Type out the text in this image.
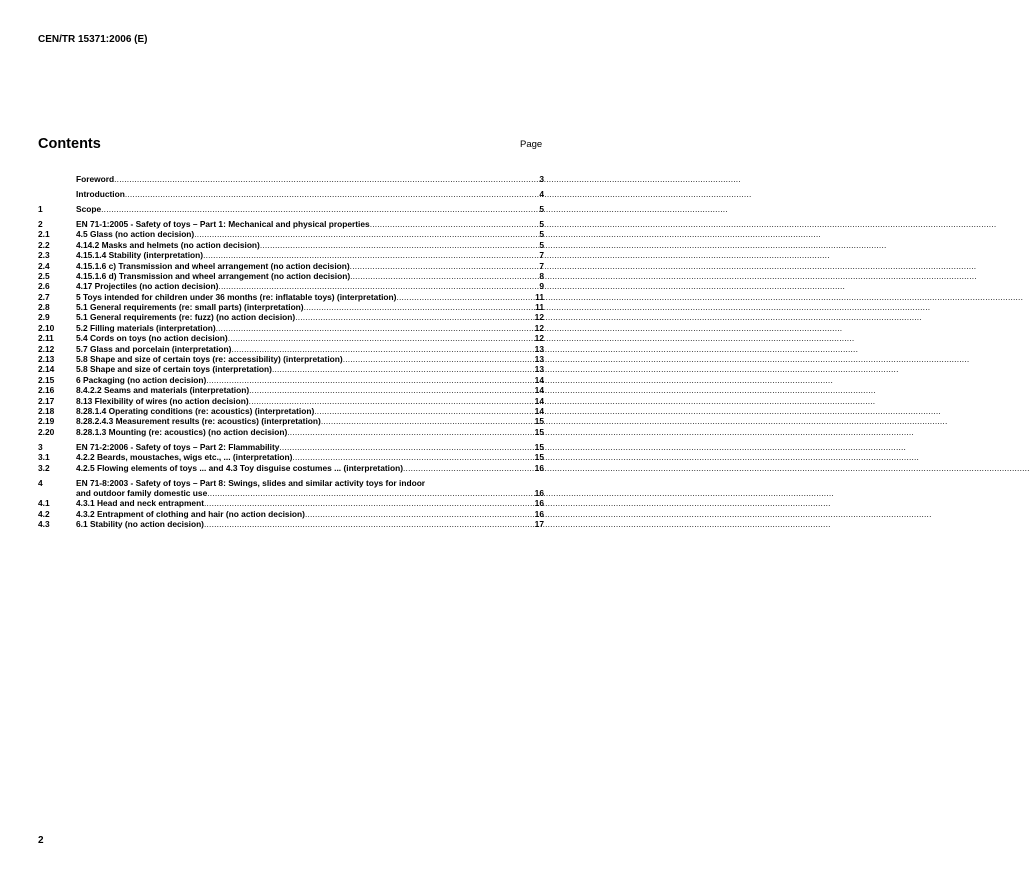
CEN/TR 15371:2006 (E)
Contents	Page
Foreword .....	3
Introduction .....	4
1	Scope .....	5
2	EN 71-1:2005 - Safety of toys – Part 1: Mechanical and physical properties .....	5
2.1	4.5 Glass (no action decision) .....	5
2.2	4.14.2 Masks and helmets (no action decision) .....	5
2.3	4.15.1.4 Stability (interpretation) .....	7
2.4	4.15.1.6 c) Transmission and wheel arrangement (no action decision) .....	7
2.5	4.15.1.6 d) Transmission and wheel arrangement (no action decision) .....	8
2.6	4.17 Projectiles (no action decision) .....	9
2.7	5 Toys intended for children under 36 months (re: inflatable toys) (interpretation) .....	11
2.8	5.1 General requirements (re: small parts) (interpretation) .....	11
2.9	5.1 General requirements (re: fuzz) (no action decision) .....	12
2.10	5.2 Filling materials (interpretation) .....	12
2.11	5.4 Cords on toys (no action decision) .....	12
2.12	5.7 Glass and porcelain (interpretation) .....	13
2.13	5.8 Shape and size of certain toys (re: accessibility) (interpretation) .....	13
2.14	5.8 Shape and size of certain toys (interpretation) .....	13
2.15	6 Packaging (no action decision) .....	14
2.16	8.4.2.2 Seams and materials (interpretation) .....	14
2.17	8.13 Flexibility of wires (no action decision) .....	14
2.18	8.28.1.4 Operating conditions (re: acoustics) (interpretation) .....	14
2.19	8.28.2.4.3 Measurement results (re: acoustics) (interpretation) .....	15
2.20	8.28.1.3 Mounting (re: acoustics) (no action decision) .....	15
3	EN 71-2:2006 - Safety of toys – Part 2: Flammability .....	15
3.1	4.2.2 Beards, moustaches, wigs etc., ... (interpretation) .....	15
3.2	4.2.5 Flowing elements of toys ... and 4.3 Toy disguise costumes ... (interpretation) .....	16
4	EN 71-8:2003 - Safety of toys – Part 8: Swings, slides and similar activity toys for indoor
and outdoor family domestic use .....	16
4.1	4.3.1 Head and neck entrapment .....	16
4.2	4.3.2 Entrapment of clothing and hair (no action decision) .....	16
4.3	6.1 Stability (no action decision) .....	17
2
